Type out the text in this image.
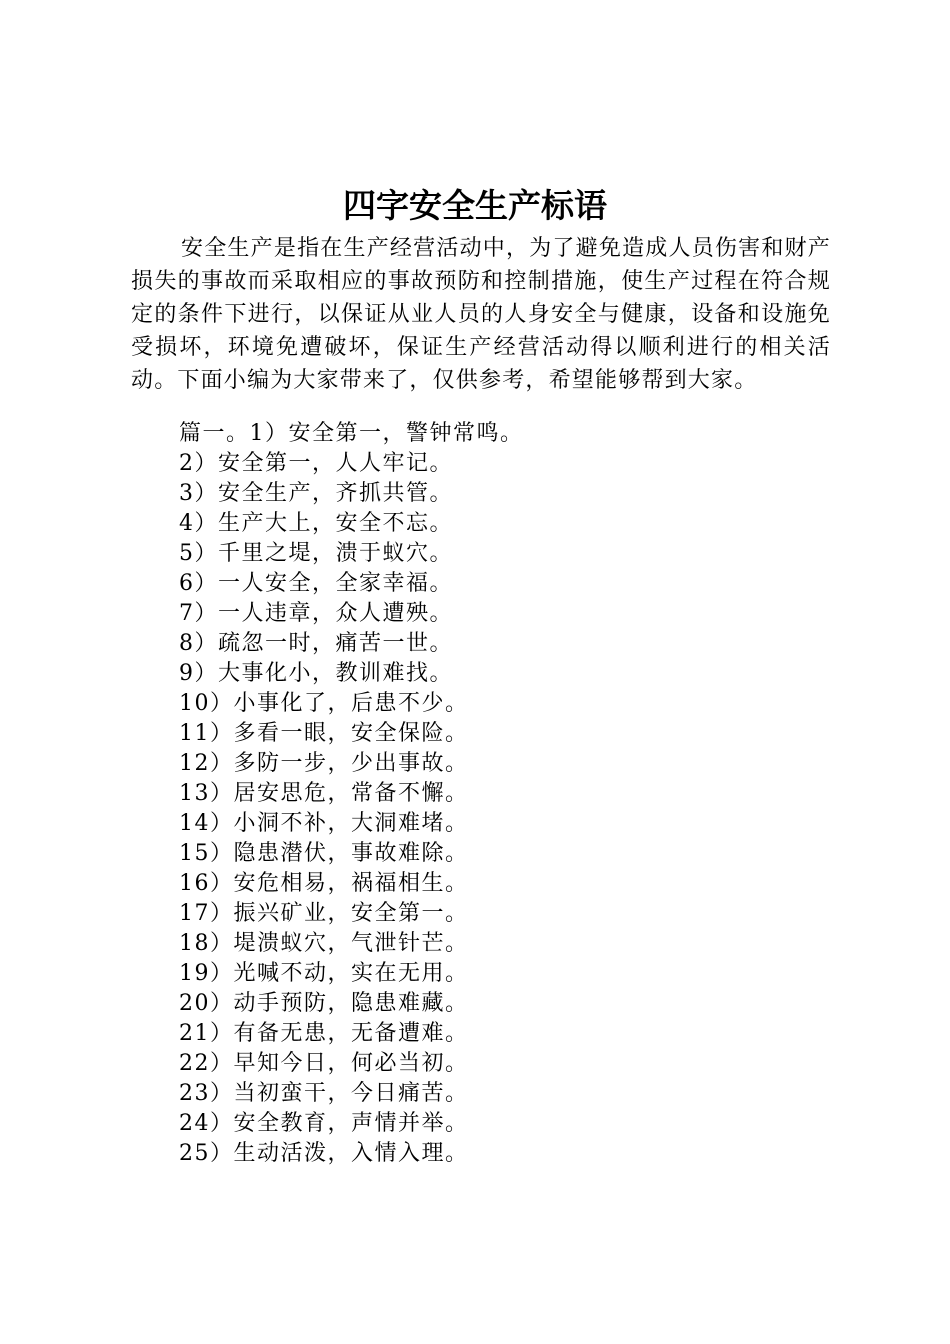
四字安全生产标语

安全生产是指在生产经营活动中，为了避免造成人员伤害和财产损失的事故而采取相应的事故预防和控制措施，使生产过程在符合规定的条件下进行，以保证从业人员的人身安全与健康，设备和设施免受损坏，环境免遭破坏，保证生产经营活动得以顺利进行的相关活动。下面小编为大家带来了，仅供参考，希望能够帮到大家。

篇一。1）安全第一，警钟常鸣。
2）安全第一，人人牢记。
3）安全生产，齐抓共管。
4）生产大上，安全不忘。
5）千里之堤，溃于蚁穴。
6）一人安全，全家幸福。
7）一人违章，众人遭殃。
8）疏忽一时，痛苦一世。
9）大事化小，教训难找。
10）小事化了，后患不少。
11）多看一眼，安全保险。
12）多防一步，少出事故。
13）居安思危，常备不懈。
14）小洞不补，大洞难堵。
15）隐患潜伏，事故难除。
16）安危相易，祸福相生。
17）振兴矿业，安全第一。
18）堤溃蚁穴，气泄针芒。
19）光喊不动，实在无用。
20）动手预防，隐患难藏。
21）有备无患，无备遭难。
22）早知今日，何必当初。
23）当初蛮干，今日痛苦。
24）安全教育，声情并举。
25）生动活泼，入情入理。
